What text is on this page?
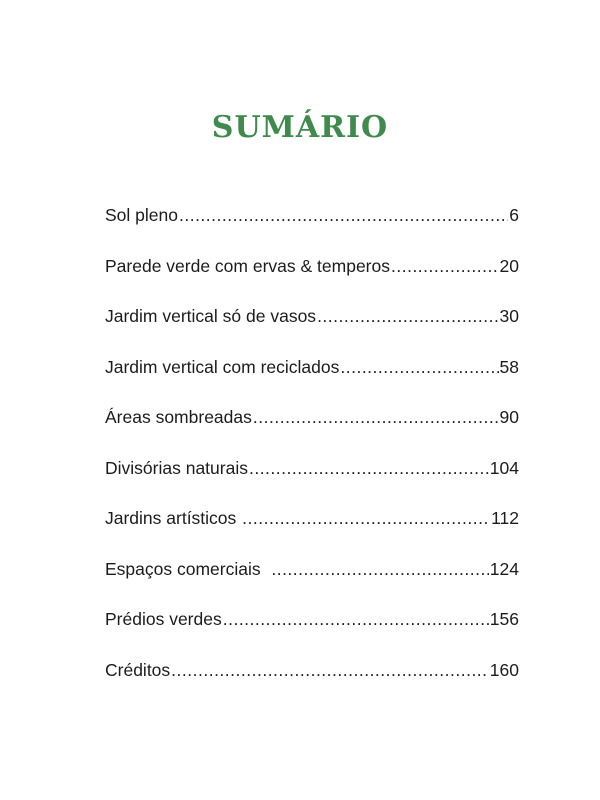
SUMÁRIO
Sol pleno .....	6
Parede verde com ervas & temperos .....	20
Jardim vertical só de vasos .....	30
Jardim vertical com reciclados .....	58
Áreas sombreadas .....	90
Divisórias naturais .....	104
Jardins artísticos .....	112
Espaços comerciais .....	124
Prédios verdes .....	156
Créditos .....	160
